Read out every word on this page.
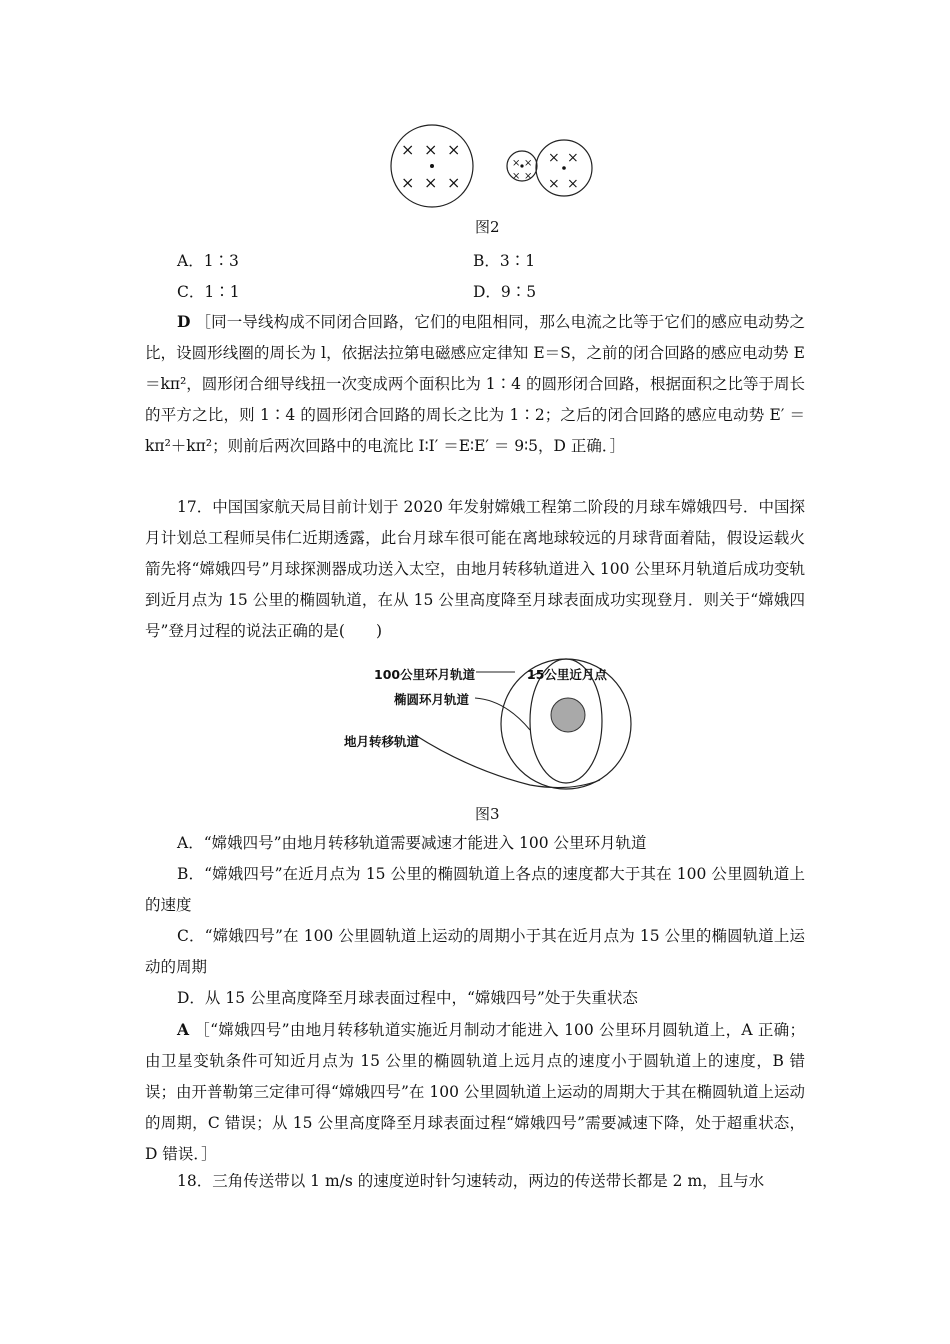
× × ×
× × ×
× ×
× ×
× ×
× ×
图2
A．1∶3	B．3∶1
C．1∶1	D．9∶5
D ［同一导线构成不同闭合回路，它们的电阻相同，那么电流之比等于它们的感应电动势之比，设圆形线圈的周长为 l，依据法拉第电磁感应定律知 E＝S，之前的闭合回路的感应电动势 E＝kπ²，圆形闭合细导线扭一次变成两个面积比为 1∶4 的圆形闭合回路，根据面积之比等于周长的平方之比，则 1∶4 的圆形闭合回路的周长之比为 1∶2；之后的闭合回路的感应电动势 E′ ＝kπ²＋kπ²；则前后两次回路中的电流比 I∶I′ ＝E∶E′ ＝ 9∶5，D 正确．］
17．中国国家航天局目前计划于 2020 年发射嫦娥工程第二阶段的月球车嫦娥四号．中国探月计划总工程师吴伟仁近期透露，此台月球车很可能在离地球较远的月球背面着陆，假设运载火箭先将“嫦娥四号”月球探测器成功送入太空，由地月转移轨道进入 100 公里环月轨道后成功变轨到近月点为 15 公里的椭圆轨道，在从 15 公里高度降至月球表面成功实现登月．则关于“嫦娥四号”登月过程的说法正确的是(　　)
100公里环月轨道	15公里近月点
椭圆环月轨道
地月转移轨道
图3
A．“嫦娥四号”由地月转移轨道需要减速才能进入 100 公里环月轨道
B．“嫦娥四号”在近月点为 15 公里的椭圆轨道上各点的速度都大于其在 100 公里圆轨道上的速度
C．“嫦娥四号”在 100 公里圆轨道上运动的周期小于其在近月点为 15 公里的椭圆轨道上运动的周期
D．从 15 公里高度降至月球表面过程中，“嫦娥四号”处于失重状态
A ［“嫦娥四号”由地月转移轨道实施近月制动才能进入 100 公里环月圆轨道上，A 正确；由卫星变轨条件可知近月点为 15 公里的椭圆轨道上远月点的速度小于圆轨道上的速度，B 错误；由开普勒第三定律可得“嫦娥四号”在 100 公里圆轨道上运动的周期大于其在椭圆轨道上运动的周期，C 错误；从 15 公里高度降至月球表面过程“嫦娥四号”需要减速下降，处于超重状态，D 错误．］
18．三角传送带以 1 m/s 的速度逆时针匀速转动，两边的传送带长都是 2 m，且与水
